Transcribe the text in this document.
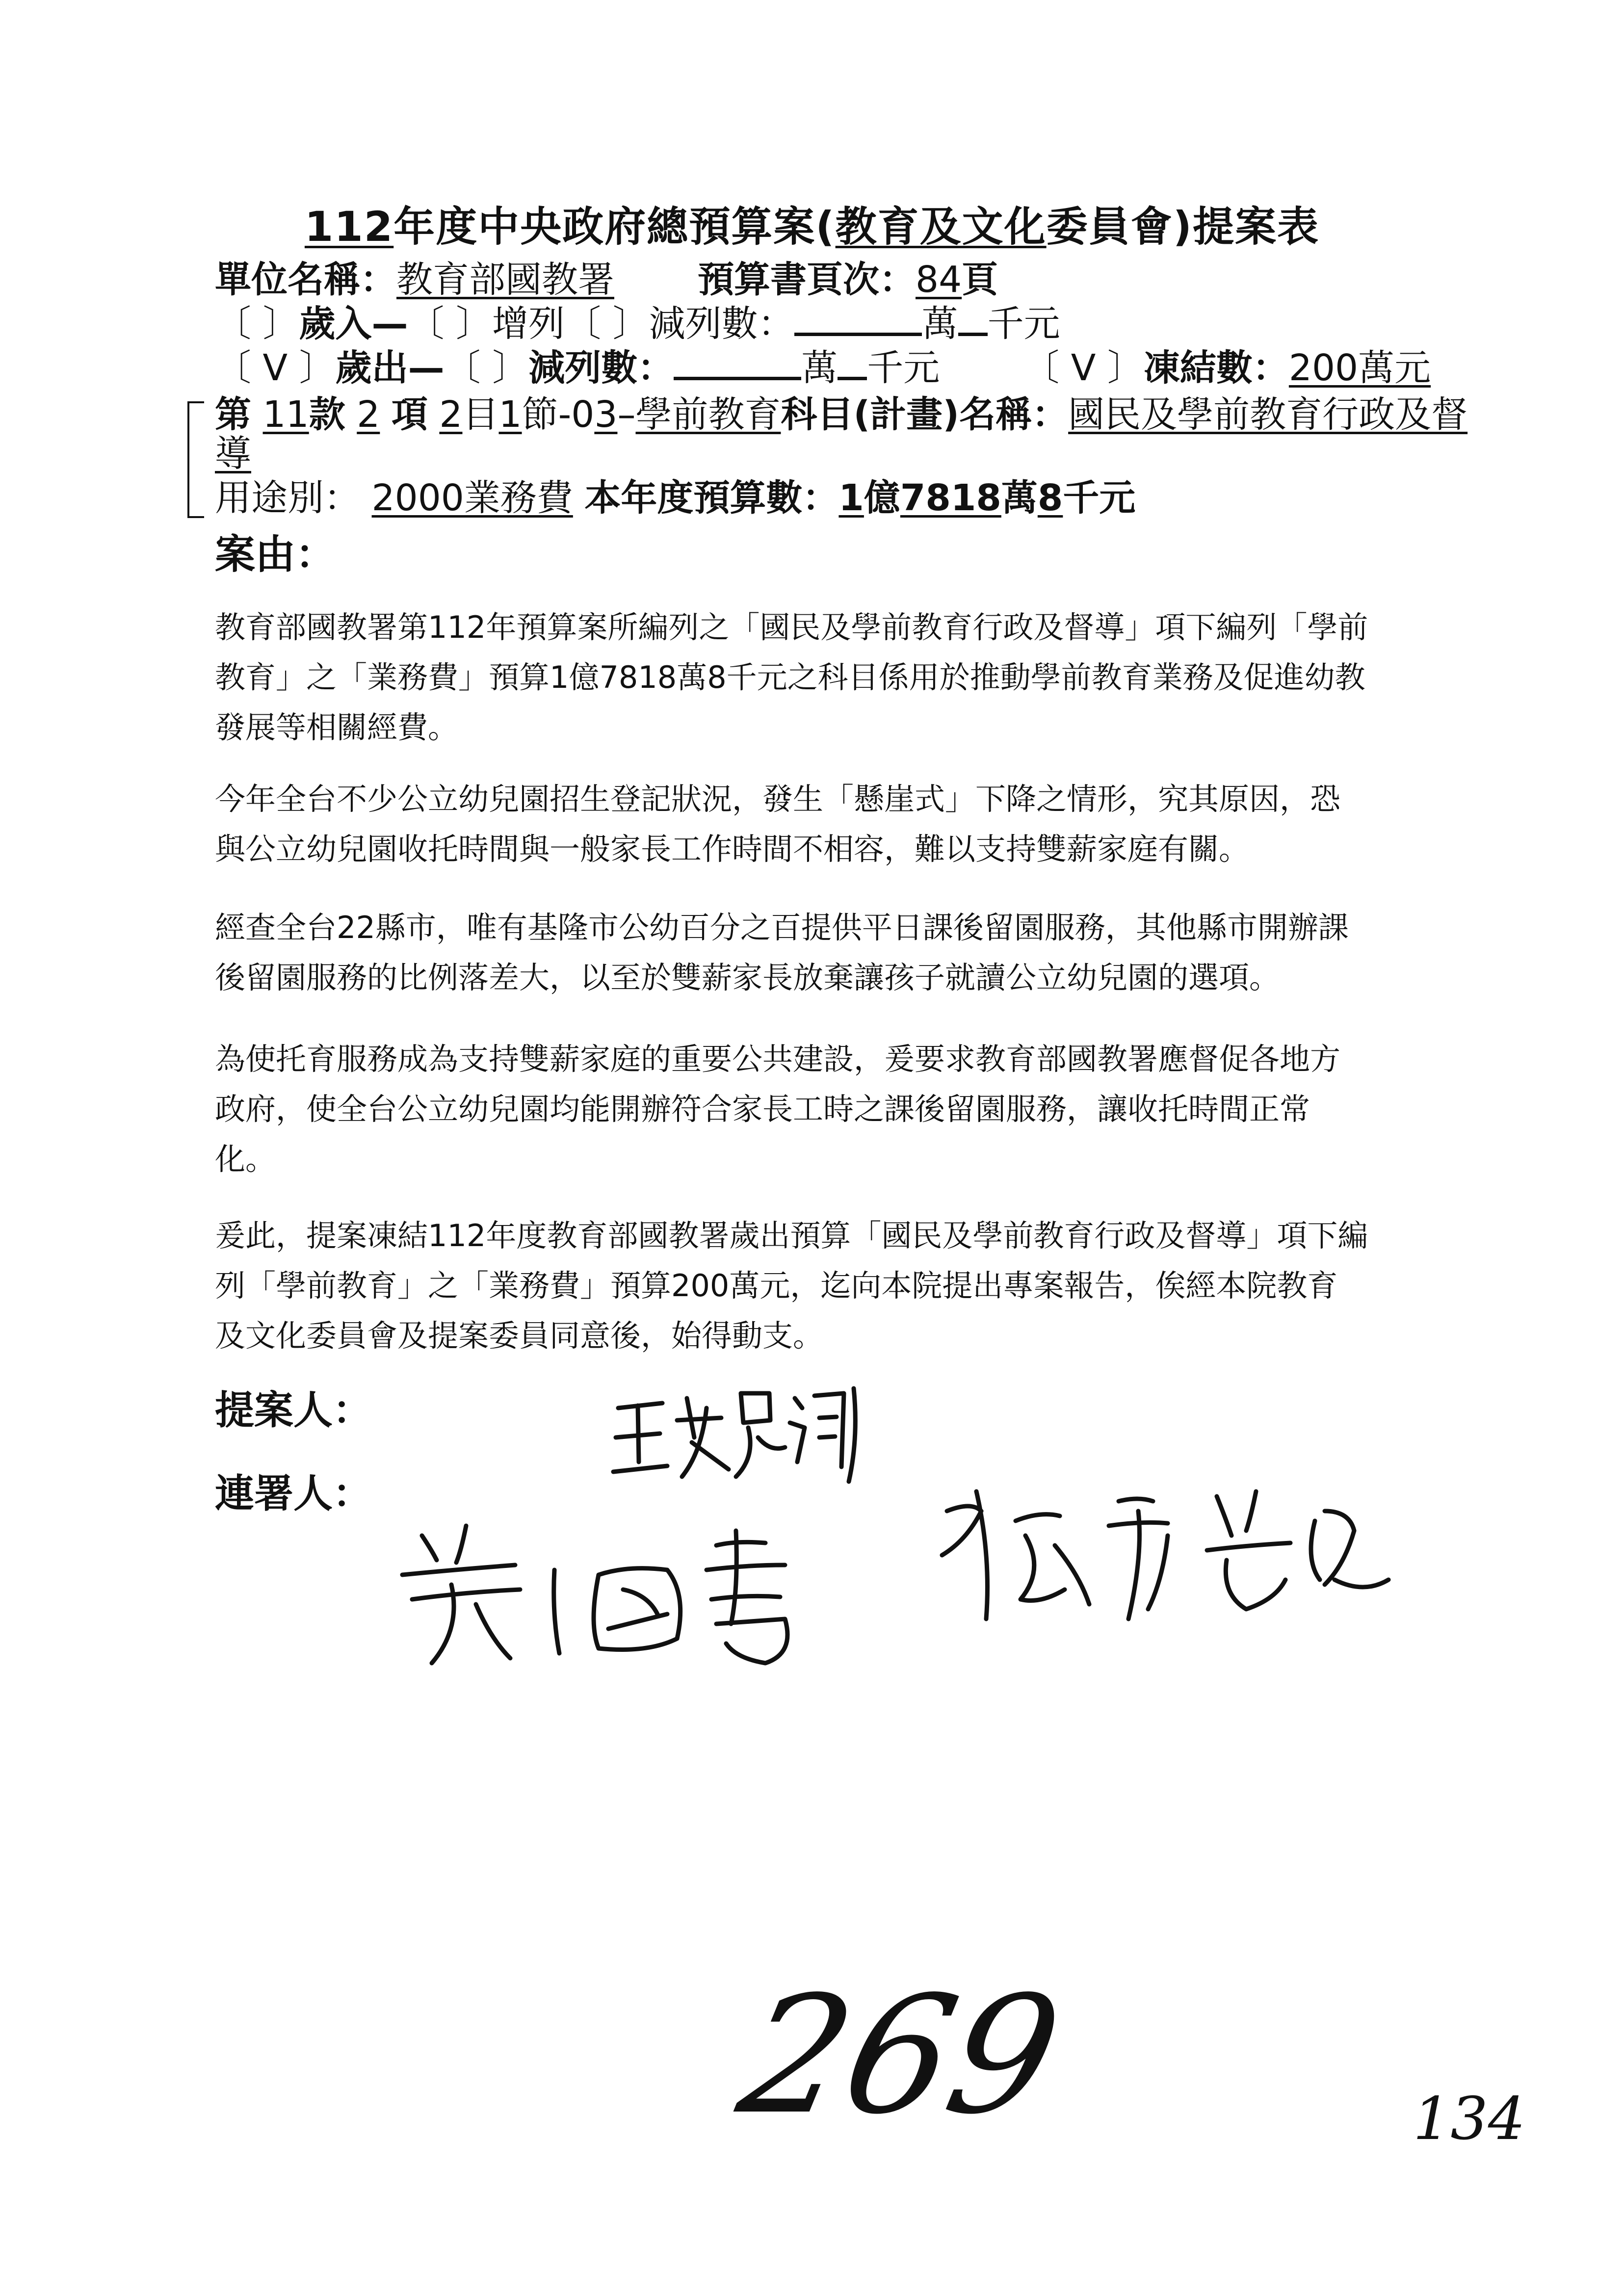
112年度中央政府總預算案(教育及文化委員會)提案表
單位名稱：教育部國教署 預算書頁次：84頁
〔 〕歲入—〔 〕增列〔 〕減列數：	萬 千元
〔 V 〕歲出—〔 〕減列數：	萬 千元 〔 V 〕凍結數：200萬元
第 11款 2 項 2目1節-03–學前教育科目(計畫)名稱：國民及學前教育行政及督
導
用途別： 2000業務費 本年度預算數：1億7818萬8千元
案由：

教育部國教署第112年預算案所編列之「國民及學前教育行政及督導」項下編列「學前
教育」之「業務費」預算1億7818萬8千元之科目係用於推動學前教育業務及促進幼教
發展等相關經費。

今年全台不少公立幼兒園招生登記狀況，發生「懸崖式」下降之情形，究其原因，恐
與公立幼兒園收托時間與一般家長工作時間不相容，難以支持雙薪家庭有關。

經查全台22縣市，唯有基隆市公幼百分之百提供平日課後留園服務，其他縣市開辦課
後留園服務的比例落差大，以至於雙薪家長放棄讓孩子就讀公立幼兒園的選項。

為使托育服務成為支持雙薪家庭的重要公共建設，爰要求教育部國教署應督促各地方
政府，使全台公立幼兒園均能開辦符合家長工時之課後留園服務，讓收托時間正常
化。

爰此，提案凍結112年度教育部國教署歲出預算「國民及學前教育行政及督導」項下編
列「學前教育」之「業務費」預算200萬元，迄向本院提出專案報告，俟經本院教育
及文化委員會及提案委員同意後，始得動支。

提案人：
連署人：
269	134
